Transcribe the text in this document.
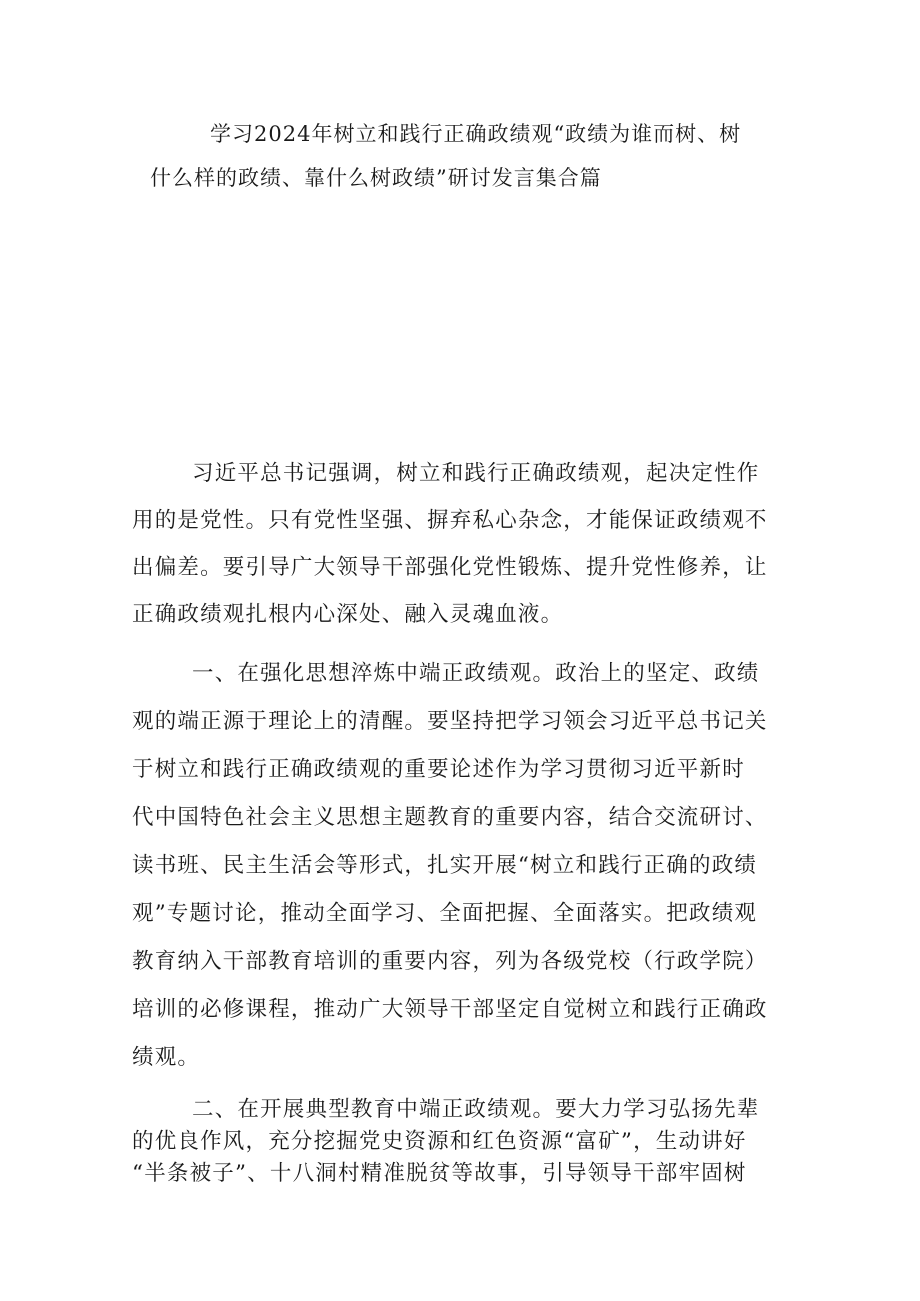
学习2024年树立和践行正确政绩观“政绩为谁而树、树
什么样的政绩、靠什么树政绩”研讨发言集合篇

习近平总书记强调，树立和践行正确政绩观，起决定性作
用的是党性。只有党性坚强、摒弃私心杂念，才能保证政绩观不
出偏差。要引导广大领导干部强化党性锻炼、提升党性修养，让
正确政绩观扎根内心深处、融入灵魂血液。

一、在强化思想淬炼中端正政绩观。政治上的坚定、政绩
观的端正源于理论上的清醒。要坚持把学习领会习近平总书记关
于树立和践行正确政绩观的重要论述作为学习贯彻习近平新时
代中国特色社会主义思想主题教育的重要内容，结合交流研讨、
读书班、民主生活会等形式，扎实开展“树立和践行正确的政绩
观”专题讨论，推动全面学习、全面把握、全面落实。把政绩观
教育纳入干部教育培训的重要内容，列为各级党校（行政学院）
培训的必修课程，推动广大领导干部坚定自觉树立和践行正确政
绩观。

二、在开展典型教育中端正政绩观。要大力学习弘扬先辈
的优良作风，充分挖掘党史资源和红色资源“富矿”，生动讲好
“半条被子”、十八洞村精准脱贫等故事，引导领导干部牢固树
